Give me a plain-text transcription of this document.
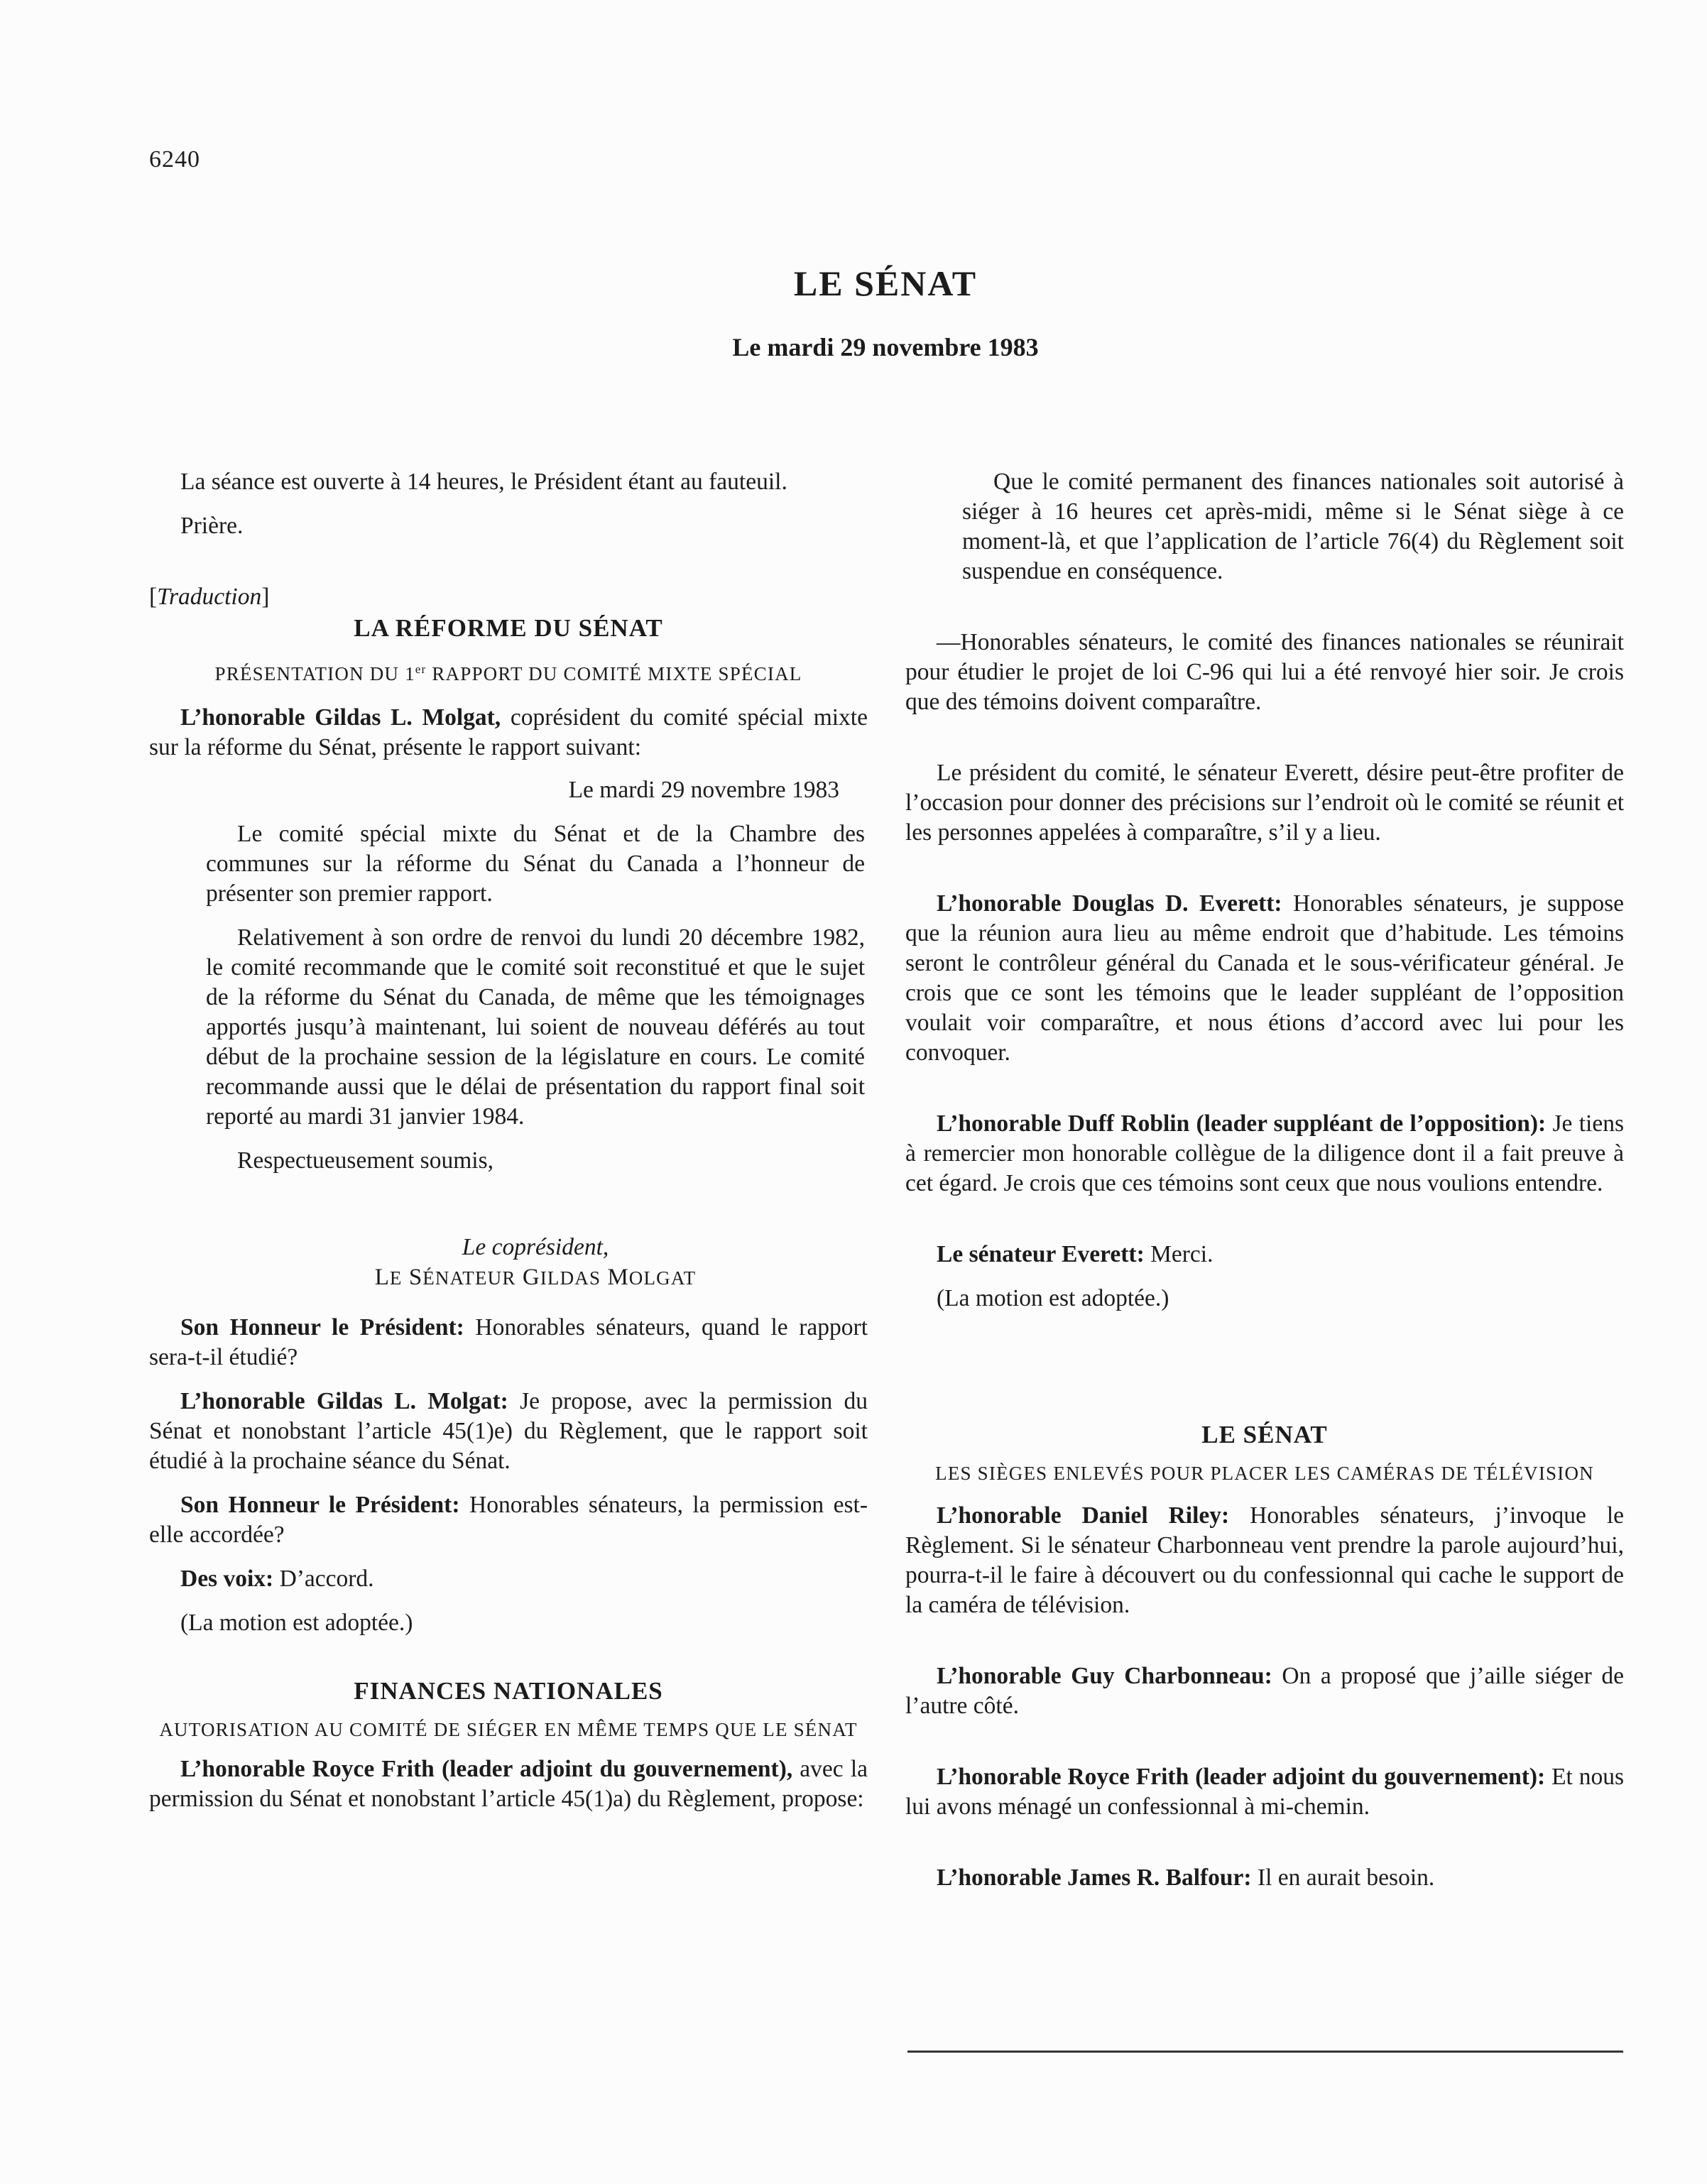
6240
LE SÉNAT
Le mardi 29 novembre 1983

La séance est ouverte à 14 heures, le Président étant au fauteuil.

Prière.

[Traduction]

LA RÉFORME DU SÉNAT

PRÉSENTATION DU 1er RAPPORT DU COMITÉ MIXTE SPÉCIAL

L’honorable Gildas L. Molgat, coprésident du comité spécial mixte sur la réforme du Sénat, présente le rapport suivant:

Le mardi 29 novembre 1983

Le comité spécial mixte du Sénat et de la Chambre des communes sur la réforme du Sénat du Canada a l’honneur de présenter son premier rapport.

Relativement à son ordre de renvoi du lundi 20 décembre 1982, le comité recommande que le comité soit reconstitué et que le sujet de la réforme du Sénat du Canada, de même que les témoignages apportés jusqu’à maintenant, lui soient de nouveau déférés au tout début de la prochaine session de la législature en cours. Le comité recommande aussi que le délai de présentation du rapport final soit reporté au mardi 31 janvier 1984.

Respectueusement soumis,

Le coprésident,

LE SÉNATEUR GILDAS MOLGAT

Son Honneur le Président: Honorables sénateurs, quand le rapport sera-t-il étudié?

L’honorable Gildas L. Molgat: Je propose, avec la permission du Sénat et nonobstant l’article 45(1)e) du Règlement, que le rapport soit étudié à la prochaine séance du Sénat.

Son Honneur le Président: Honorables sénateurs, la permission est-elle accordée?

Des voix: D’accord.

(La motion est adoptée.)

FINANCES NATIONALES

AUTORISATION AU COMITÉ DE SIÉGER EN MÊME TEMPS QUE LE SÉNAT

L’honorable Royce Frith (leader adjoint du gouvernement), avec la permission du Sénat et nonobstant l’article 45(1)a) du Règlement, propose:

Que le comité permanent des finances nationales soit autorisé à siéger à 16 heures cet après-midi, même si le Sénat siège à ce moment-là, et que l’application de l’article 76(4) du Règlement soit suspendue en conséquence.

—Honorables sénateurs, le comité des finances nationales se réunirait pour étudier le projet de loi C-96 qui lui a été renvoyé hier soir. Je crois que des témoins doivent comparaître.

Le président du comité, le sénateur Everett, désire peut-être profiter de l’occasion pour donner des précisions sur l’endroit où le comité se réunit et les personnes appelées à comparaître, s’il y a lieu.

L’honorable Douglas D. Everett: Honorables sénateurs, je suppose que la réunion aura lieu au même endroit que d’habitude. Les témoins seront le contrôleur général du Canada et le sous-vérificateur général. Je crois que ce sont les témoins que le leader suppléant de l’opposition voulait voir comparaître, et nous étions d’accord avec lui pour les convoquer.

L’honorable Duff Roblin (leader suppléant de l’opposition): Je tiens à remercier mon honorable collègue de la diligence dont il a fait preuve à cet égard. Je crois que ces témoins sont ceux que nous voulions entendre.

Le sénateur Everett: Merci.

(La motion est adoptée.)

LE SÉNAT

LES SIÈGES ENLEVÉS POUR PLACER LES CAMÉRAS DE TÉLÉVISION

L’honorable Daniel Riley: Honorables sénateurs, j’invoque le Règlement. Si le sénateur Charbonneau vent prendre la parole aujourd’hui, pourra-t-il le faire à découvert ou du confessionnal qui cache le support de la caméra de télévision.

L’honorable Guy Charbonneau: On a proposé que j’aille siéger de l’autre côté.

L’honorable Royce Frith (leader adjoint du gouvernement): Et nous lui avons ménagé un confessionnal à mi-chemin.

L’honorable James R. Balfour: Il en aurait besoin.
